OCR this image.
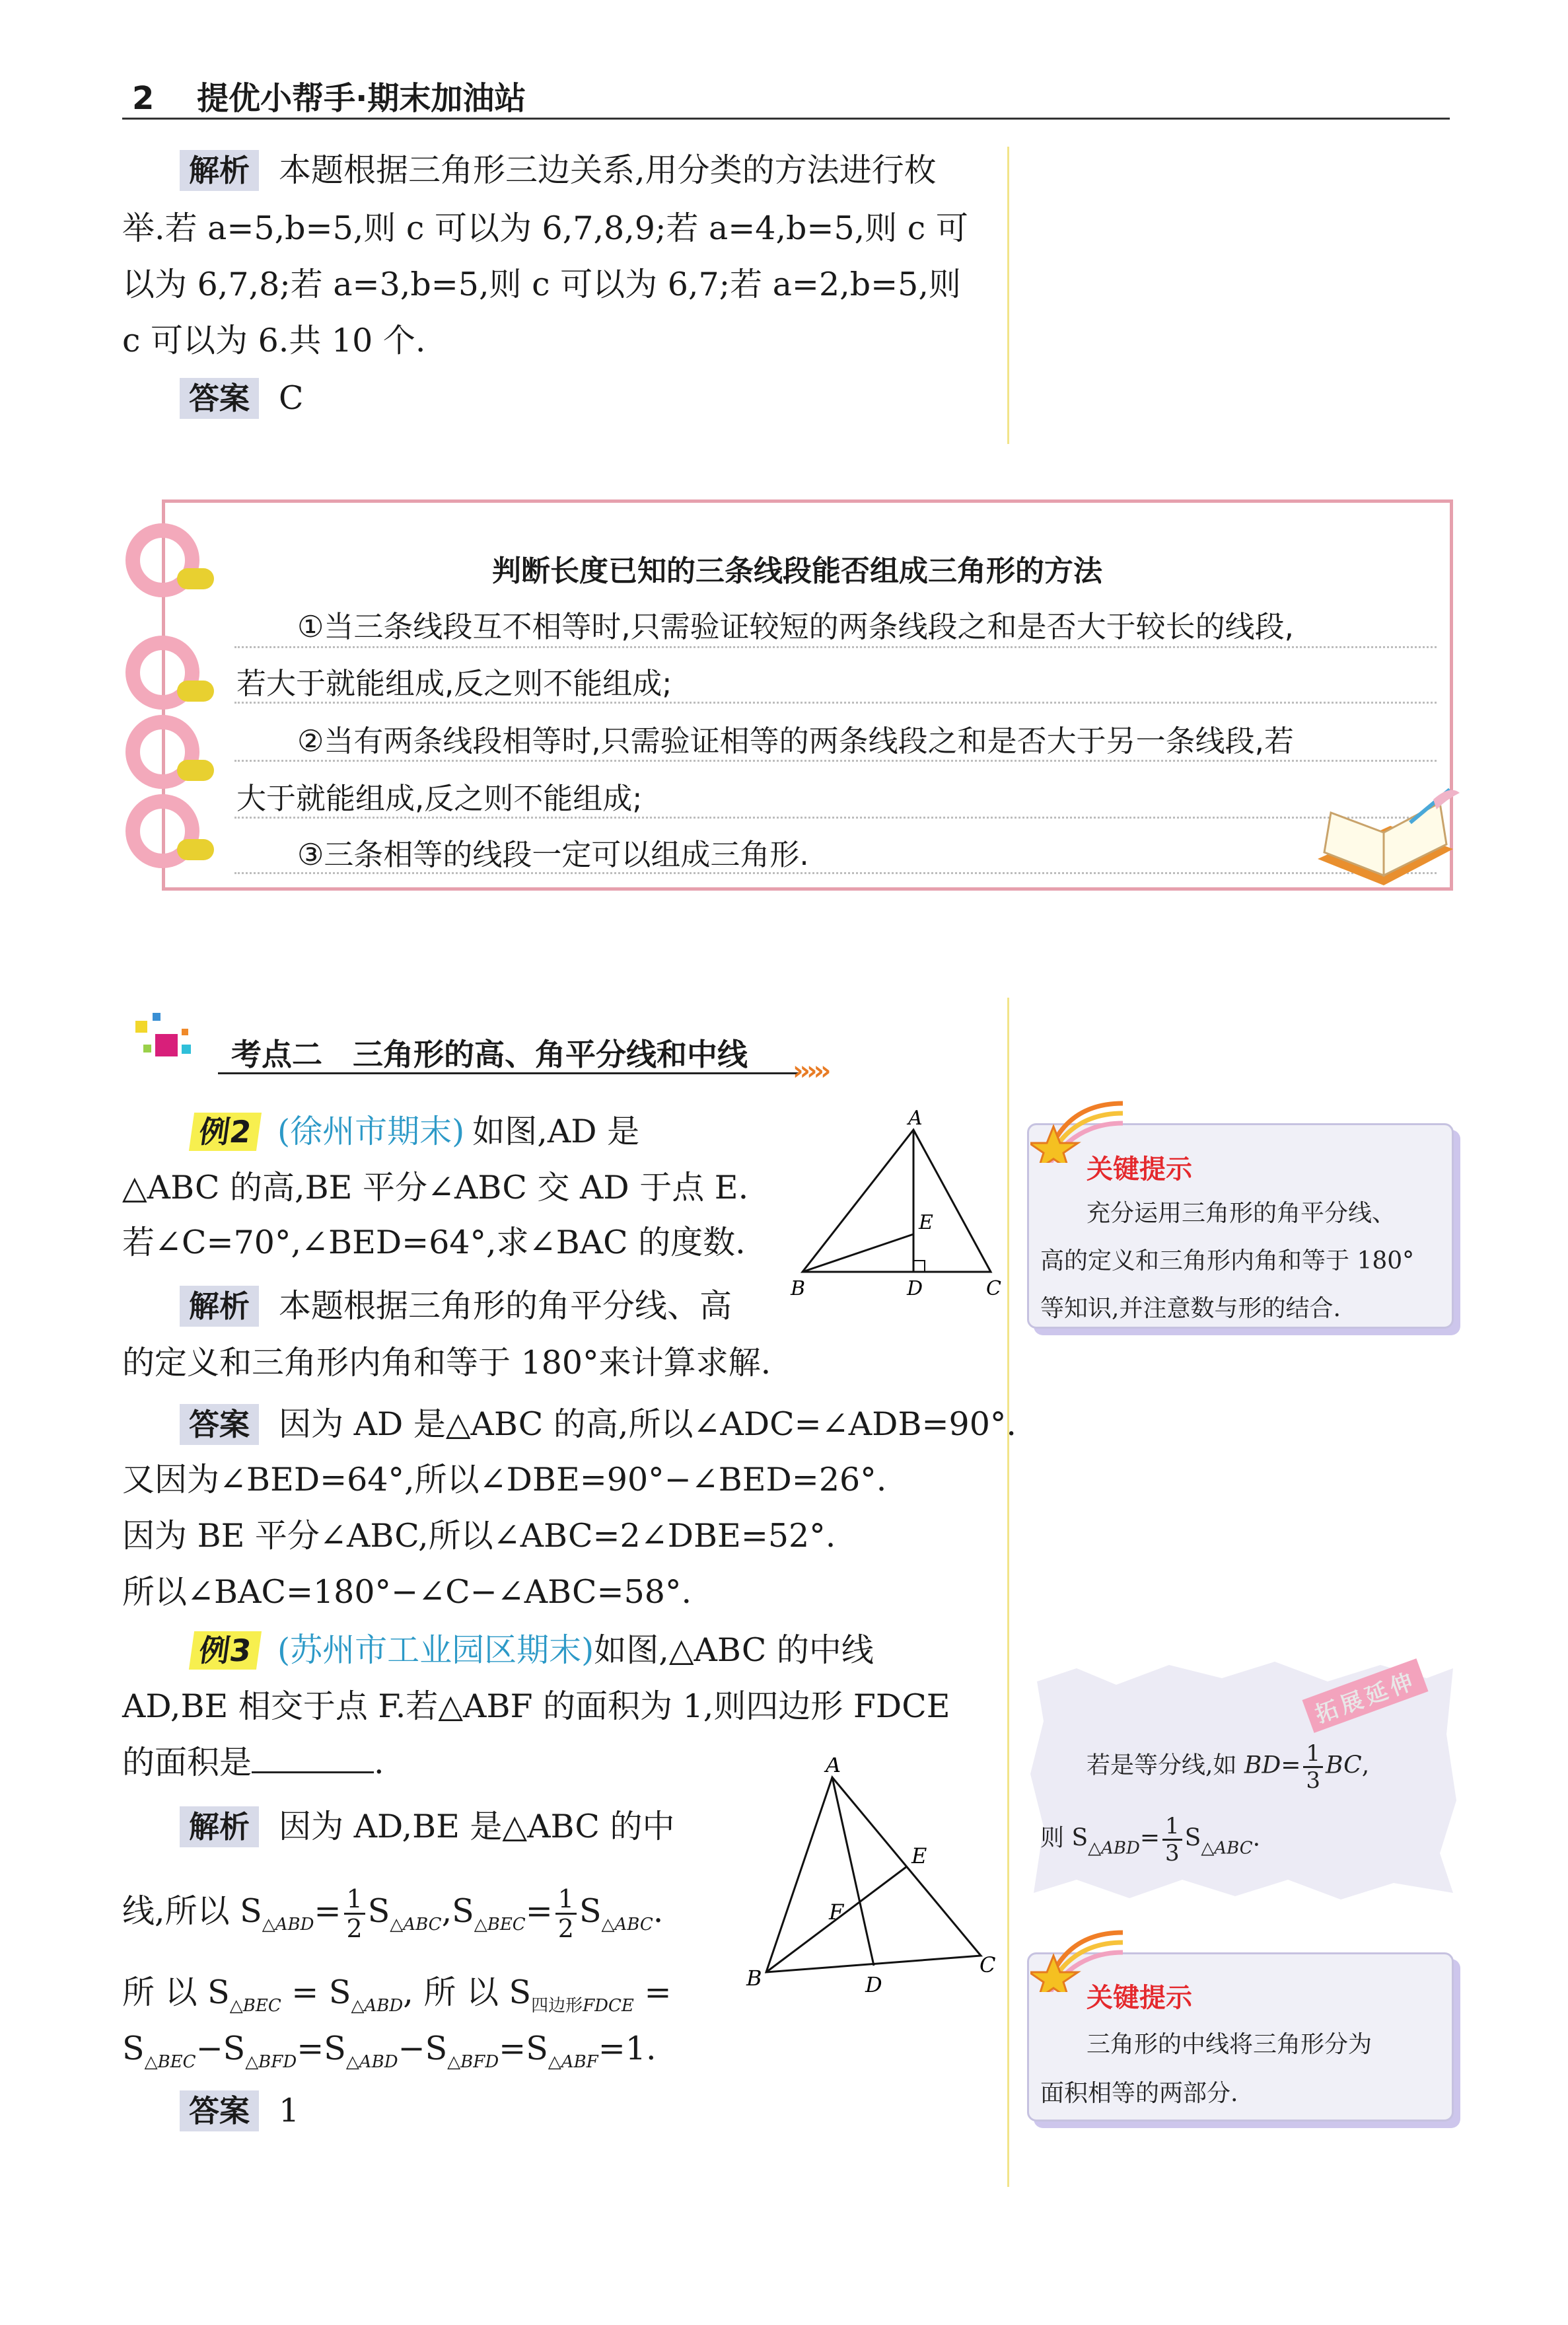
2 提优小帮手·期末加油站
解析 本题根据三角形三边关系,用分类的方法进行枚
举.若 a=5,b=5,则 c 可以为 6,7,8,9;若 a=4,b=5,则 c 可
以为 6,7,8;若 a=3,b=5,则 c 可以为 6,7;若 a=2,b=5,则
c 可以为 6.共 10 个.
答案 C
判断长度已知的三条线段能否组成三角形的方法
①当三条线段互不相等时,只需验证较短的两条线段之和是否大于较长的线段,
若大于就能组成,反之则不能组成;
②当有两条线段相等时,只需验证相等的两条线段之和是否大于另一条线段,若
大于就能组成,反之则不能组成;
③三条相等的线段一定可以组成三角形.
考点二　三角形的高、角平分线和中线 ›››››
例2 (徐州市期末) 如图,AD 是
△ABC 的高,BE 平分∠ABC 交 AD 于点 E.
若∠C=70°,∠BED=64°,求∠BAC 的度数.
解析 本题根据三角形的角平分线、高
的定义和三角形内角和等于 180°来计算求解.
答案 因为 AD 是△ABC 的高,所以∠ADC=∠ADB=90°.
又因为∠BED=64°,所以∠DBE=90°−∠BED=26°.
因为 BE 平分∠ABC,所以∠ABC=2∠DBE=52°.
所以∠BAC=180°−∠C−∠ABC=58°.
A
E
B	D	C
例3 (苏州市工业园区期末)如图,△ABC 的中线
AD,BE 相交于点 F.若△ABF 的面积为 1,则四边形 FDCE
的面积是	.
解析 因为 AD,BE 是△ABC 的中
线,所以 $S_{\triangle ABD}= \frac{1}{2} S_{\triangle ABC},S_{\triangle BEC}= \frac{1}{2} S_{\triangle ABC}$.
所 以 $S_{\triangle BEC} = S_{\triangle ABD}$, 所 以 $S_{四边形FDCE}$ =
$S_{\triangle BEC}-S_{\triangle BFD}=S_{\triangle ABD}-S_{\triangle BFD}=S_{\triangle ABF}=1$.
答案 1
A
E
F
B	D
C
关键提示
充分运用三角形的角平分线、
高的定义和三角形内角和等于 180°
等知识,并注意数与形的结合.
拓展延伸
若是等分线,如 $BD= \frac{1}{3}$ BC,
则 $S_{\triangle ABD}= \frac{1}{3} S_{\triangle ABC}$.
关键提示
三角形的中线将三角形分为
面积相等的两部分.
